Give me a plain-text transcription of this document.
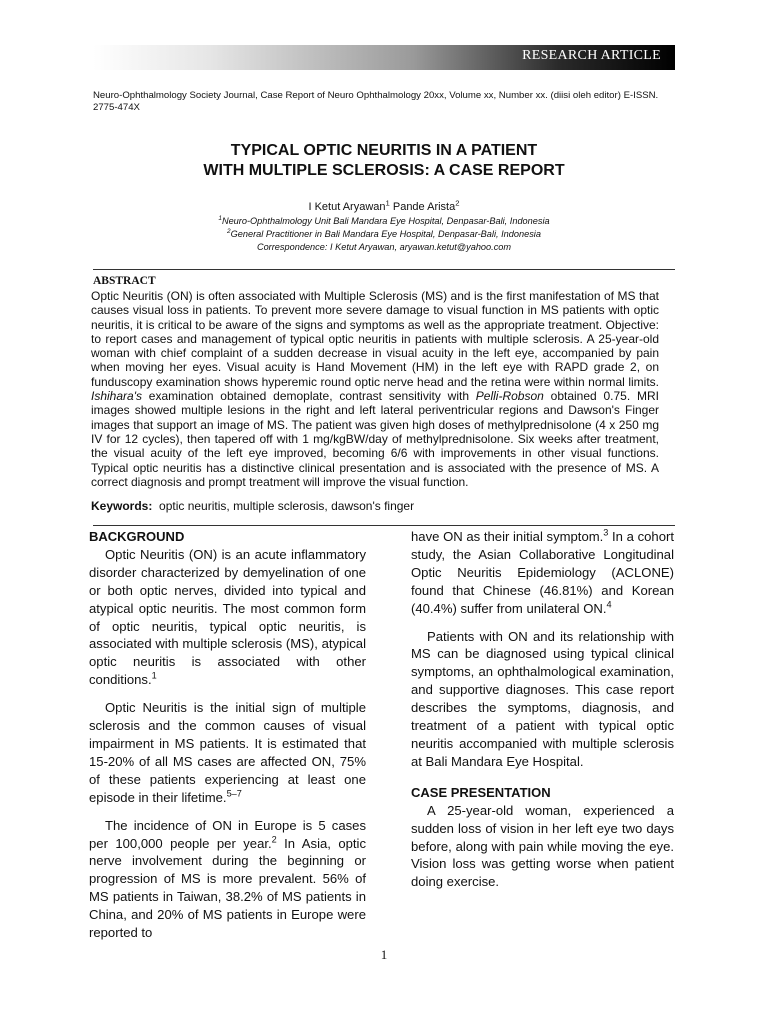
RESEARCH ARTICLE
Neuro-Ophthalmology Society Journal, Case Report of Neuro Ophthalmology 20xx, Volume xx, Number xx. (diisi oleh editor) E-ISSN. 2775-474X
TYPICAL OPTIC NEURITIS IN A PATIENT
WITH MULTIPLE SCLEROSIS: A CASE REPORT
I Ketut Aryawan$^1$ Pande Arista$^2$
$^1$Neuro-Ophthalmology Unit Bali Mandara Eye Hospital, Denpasar-Bali, Indonesia
$^2$General Practitioner in Bali Mandara Eye Hospital, Denpasar-Bali, Indonesia
Correspondence: I Ketut Aryawan, aryawan.ketut@yahoo.com
ABSTRACT
Optic Neuritis (ON) is often associated with Multiple Sclerosis (MS) and is the first manifestation of MS that causes visual loss in patients. To prevent more severe damage to visual function in MS patients with optic neuritis, it is critical to be aware of the signs and symptoms as well as the appropriate treatment. Objective: to report cases and management of typical optic neuritis in patients with multiple sclerosis. A 25-year-old woman with chief complaint of a sudden decrease in visual acuity in the left eye, accompanied by pain when moving her eyes. Visual acuity is Hand Movement (HM) in the left eye with RAPD grade 2, on funduscopy examination shows hyperemic round optic nerve head and the retina were within normal limits. Ishihara's examination obtained demoplate, contrast sensitivity with Pelli-Robson obtained 0.75. MRI images showed multiple lesions in the right and left lateral periventricular regions and Dawson's Finger images that support an image of MS. The patient was given high doses of methylprednisolone (4 x 250 mg IV for 12 cycles), then tapered off with 1 mg/kgBW/day of methylprednisolone. Six weeks after treatment, the visual acuity of the left eye improved, becoming 6/6 with improvements in other visual functions. Typical optic neuritis has a distinctive clinical presentation and is associated with the presence of MS. A correct diagnosis and prompt treatment will improve the visual function.
Keywords: optic neuritis, multiple sclerosis, dawson's finger
BACKGROUND

Optic Neuritis (ON) is an acute inflammatory disorder characterized by demyelination of one or both optic nerves, divided into typical and atypical optic neuritis. The most common form of optic neuritis, typical optic neuritis, is associated with multiple sclerosis (MS), atypical optic neuritis is associated with other conditions.$^1$

Optic Neuritis is the initial sign of multiple sclerosis and the common causes of visual impairment in MS patients. It is estimated that 15-20% of all MS cases are affected ON, 75% of these patients experiencing at least one episode in their lifetime.$^{5-7}$

The incidence of ON in Europe is 5 cases per 100,000 people per year.$^2$ In Asia, optic nerve involvement during the beginning or progression of MS is more prevalent. 56% of MS patients in Taiwan, 38.2% of MS patients in China, and 20% of MS patients in Europe were reported to

have ON as their initial symptom.$^3$ In a cohort study, the Asian Collaborative Longitudinal Optic Neuritis Epidemiology (ACLONE) found that Chinese (46.81%) and Korean (40.4%) suffer from unilateral ON.$^4$

Patients with ON and its relationship with MS can be diagnosed using typical clinical symptoms, an ophthalmological examination, and supportive diagnoses. This case report describes the symptoms, diagnosis, and treatment of a patient with typical optic neuritis accompanied with multiple sclerosis at Bali Mandara Eye Hospital.

CASE PRESENTATION

A 25-year-old woman, experienced a sudden loss of vision in her left eye two days before, along with pain while moving the eye. Vision loss was getting worse when patient doing exercise.

1
